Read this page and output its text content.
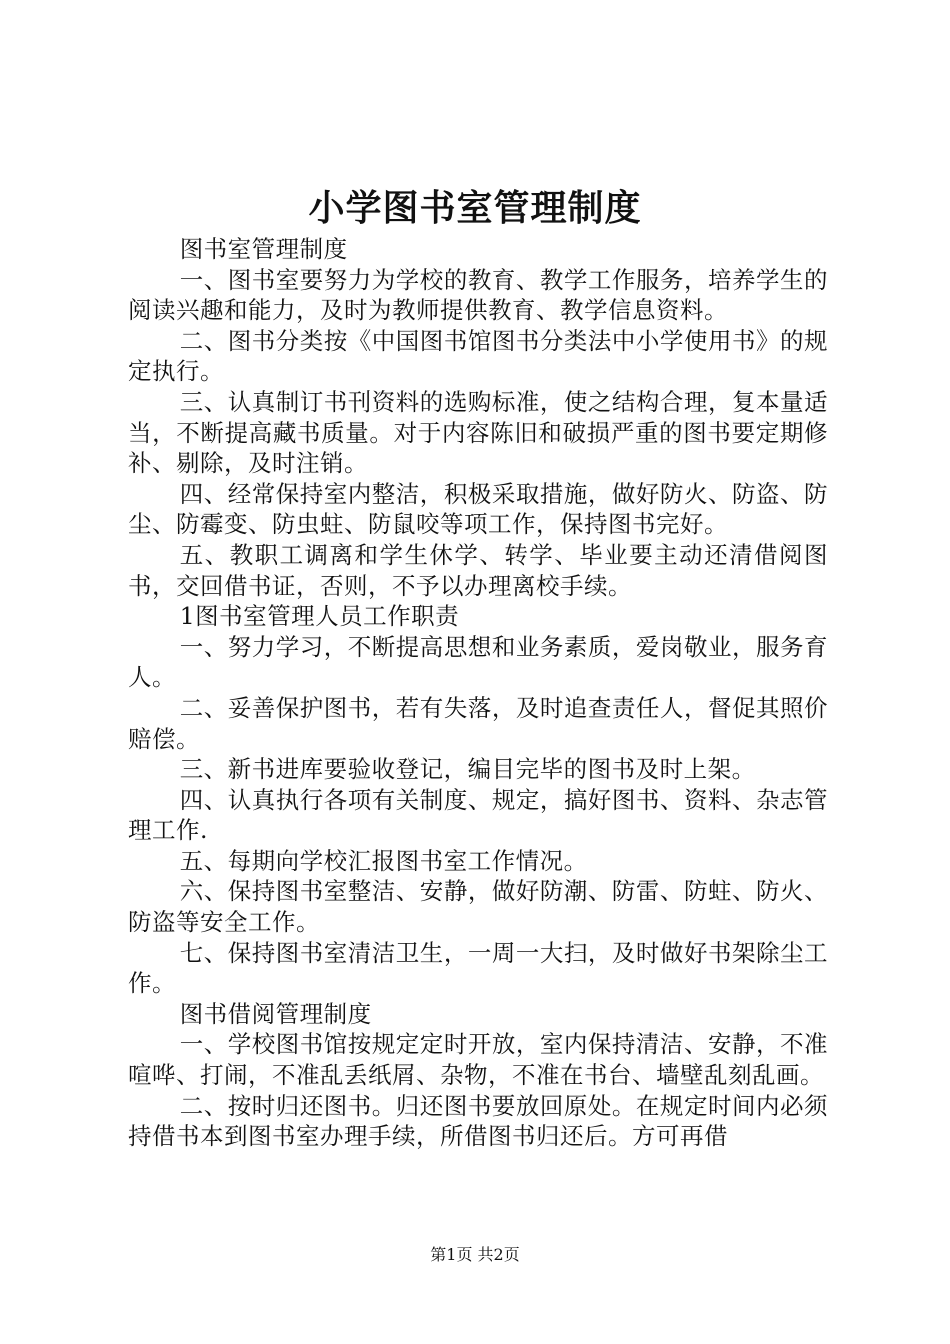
小学图书室管理制度

图书室管理制度

一、图书室要努力为学校的教育、教学工作服务，培养学生的阅读兴趣和能力，及时为教师提供教育、教学信息资料。

二、图书分类按《中国图书馆图书分类法中小学使用书》的规定执行。

三、认真制订书刊资料的选购标准，使之结构合理，复本量适当，不断提高藏书质量。对于内容陈旧和破损严重的图书要定期修补、剔除，及时注销。

四、经常保持室内整洁，积极采取措施，做好防火、防盗、防尘、防霉变、防虫蛀、防鼠咬等项工作，保持图书完好。

五、教职工调离和学生休学、转学、毕业要主动还清借阅图书，交回借书证，否则，不予以办理离校手续。

1图书室管理人员工作职责

一、努力学习，不断提高思想和业务素质，爱岗敬业，服务育人。

二、妥善保护图书，若有失落，及时追查责任人，督促其照价赔偿。

三、新书进库要验收登记，编目完毕的图书及时上架。

四、认真执行各项有关制度、规定，搞好图书、资料、杂志管理工作.

五、每期向学校汇报图书室工作情况。

六、保持图书室整洁、安静，做好防潮、防雷、防蛀、防火、防盗等安全工作。

七、保持图书室清洁卫生，一周一大扫，及时做好书架除尘工作。

图书借阅管理制度

一、学校图书馆按规定定时开放，室内保持清洁、安静，不准喧哗、打闹，不准乱丢纸屑、杂物，不准在书台、墙壁乱刻乱画。

二、按时归还图书。归还图书要放回原处。在规定时间内必须持借书本到图书室办理手续，所借图书归还后。方可再借

第1页 共2页
